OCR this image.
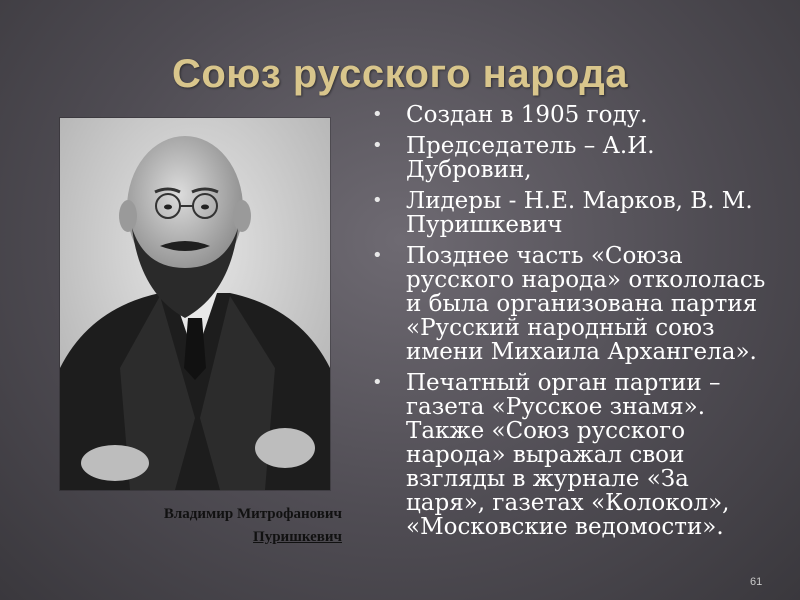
Союз русского народа
Владимир Митрофанович
Пуришкевич
• Создан в 1905 году.
• Председатель – А.И. Дубровин,
• Лидеры - Н.Е. Марков, В. М. Пуришкевич
• Позднее часть «Союза русского народа» откололась и была организована партия «Русский народный союз имени Михаила Архангела».
• Печатный орган партии – газета «Русское знамя». Также «Союз русского народа» выражал свои взгляды в журнале «За царя», газетах «Колокол», «Московские ведомости».
61
